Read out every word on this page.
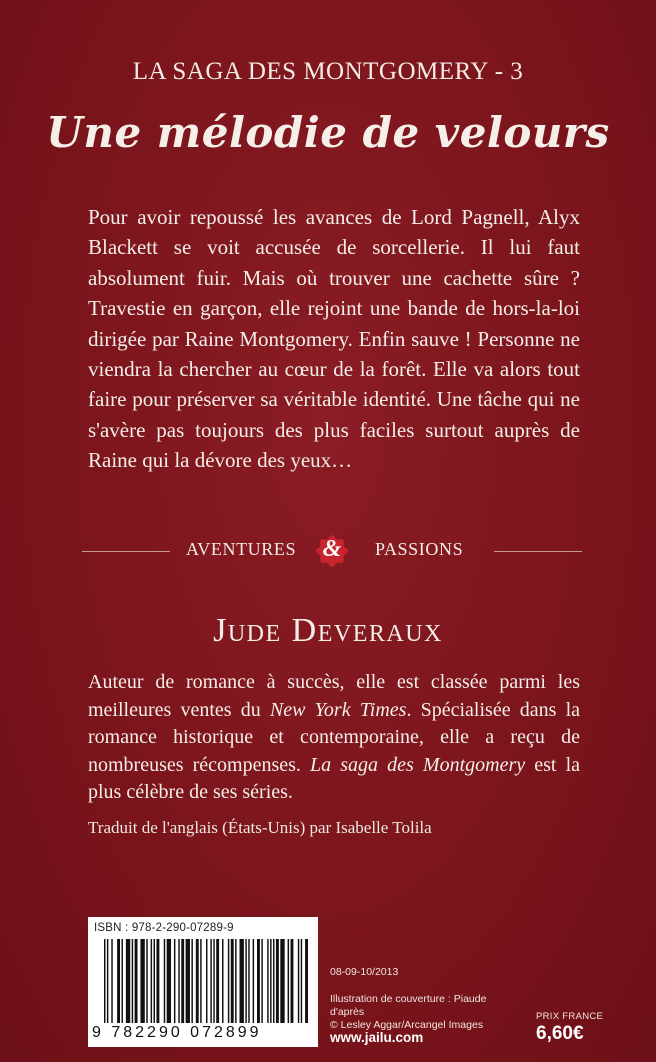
LA SAGA DES MONTGOMERY - 3
Une mélodie de velours

Pour avoir repoussé les avances de Lord Pagnell, Alyx Blackett se voit accusée de sorcellerie. Il lui faut absolument fuir. Mais où trouver une cachette sûre ? Travestie en garçon, elle rejoint une bande de hors-la-loi dirigée par Raine Montgomery. Enfin sauve ! Personne ne viendra la chercher au cœur de la forêt. Elle va alors tout faire pour préserver sa véritable identité. Une tâche qui ne s'avère pas toujours des plus faciles surtout auprès de Raine qui la dévore des yeux…

AVENTURES	&	PASSIONS
Jude Deveraux

Auteur de romance à succès, elle est classée parmi les meilleures ventes du New York Times. Spécialisée dans la romance historique et contemporaine, elle a reçu de nombreuses récompenses. La saga des Montgomery est la plus célèbre de ses séries.

Traduit de l'anglais (États-Unis) par Isabelle Tolila
ISBN : 978-2-290-07289-9
9 782290 072899
08-09-10/2013
Illustration de couverture : Piaude d'après
© Lesley Aggar/Arcangel Images
www.jailu.com
PRIX FRANCE
6,60€
